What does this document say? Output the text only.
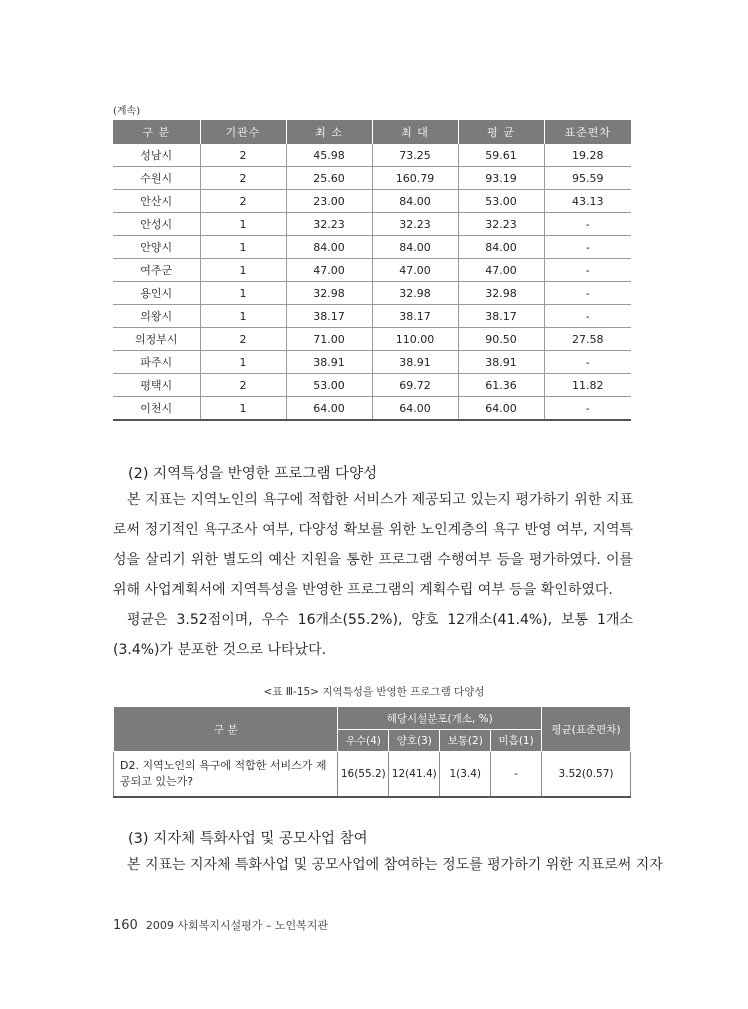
(계속)
구 분	기관수	최 소	최 대	평 균	표준편차
성남시	2	45.98	73.25	59.61	19.28
수원시	2	25.60	160.79	93.19	95.59
안산시	2	23.00	84.00	53.00	43.13
안성시	1	32.23	32.23	32.23	-
안양시	1	84.00	84.00	84.00	-
여주군	1	47.00	47.00	47.00	-
용인시	1	32.98	32.98	32.98	-
의왕시	1	38.17	38.17	38.17	-
의정부시	2	71.00	110.00	90.50	27.58
파주시	1	38.91	38.91	38.91	-
평택시	2	53.00	69.72	61.36	11.82
이천시	1	64.00	64.00	64.00	-
(2) 지역특성을 반영한 프로그램 다양성

본 지표는 지역노인의 욕구에 적합한 서비스가 제공되고 있는지 평가하기 위한 지표로써 정기적인 욕구조사 여부, 다양성 확보를 위한 노인계층의 욕구 반영 여부, 지역특성을 살리기 위한 별도의 예산 지원을 통한 프로그램 수행여부 등을 평가하였다. 이를 위해 사업계획서에 지역특성을 반영한 프로그램의 계획수립 여부 등을 확인하였다.

평균은 3.52점이며, 우수 16개소(55.2%), 양호 12개소(41.4%), 보통 1개소(3.4%)가 분포한 것으로 나타났다.

<표 Ⅲ-15> 지역특성을 반영한 프로그램 다양성
구 분	해당시설분포(개소, %)				평균(표준편차)
	우수(4)	양호(3)	보통(2)	미흡(1)	
D2. 지역노인의 욕구에 적합한 서비스가 제공되고 있는가?	16(55.2)	12(41.4)	1(3.4)	-	3.52(0.57)
(3) 지자체 특화사업 및 공모사업 참여

본 지표는 지자체 특화사업 및 공모사업에 참여하는 정도를 평가하기 위한 지표로써 지자

160 2009 사회복지시설평가 – 노인복지관
